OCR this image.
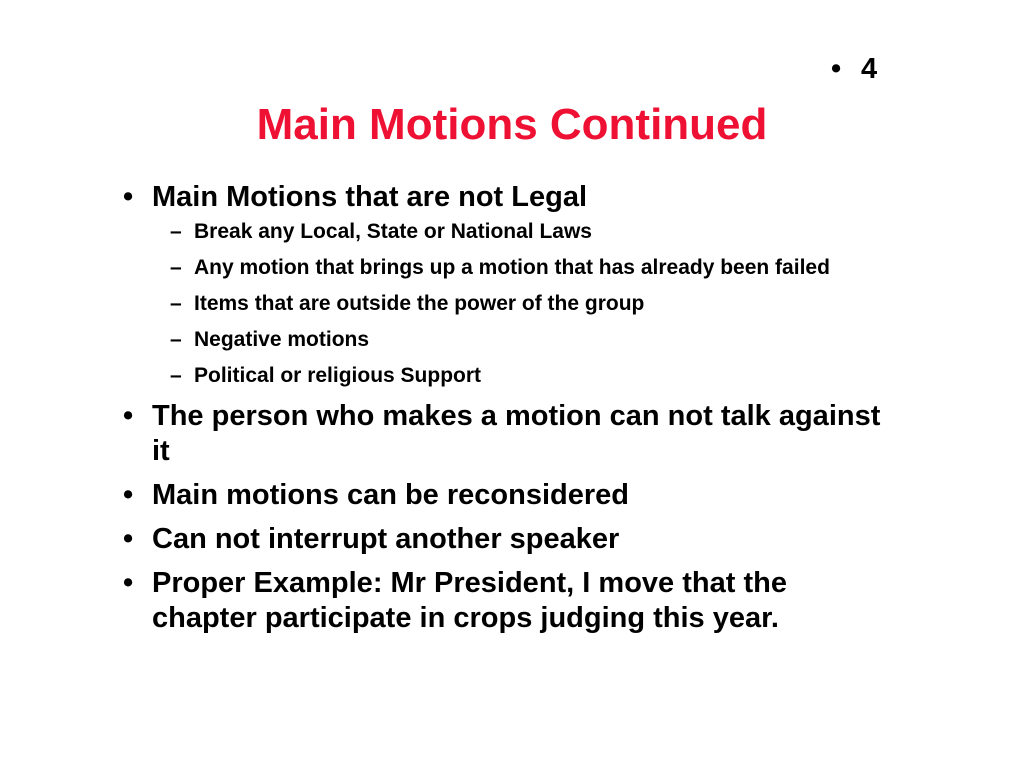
• 4
Main Motions Continued
• Main Motions that are not Legal
– Break any Local, State or National Laws
– Any motion that brings up a motion that has already been failed
– Items that are outside the power of the group
– Negative motions
– Political or religious Support
• The person who makes a motion can not talk against it
• Main motions can be reconsidered
• Can not interrupt another speaker
• Proper Example: Mr President, I move that the chapter participate in crops judging this year.
